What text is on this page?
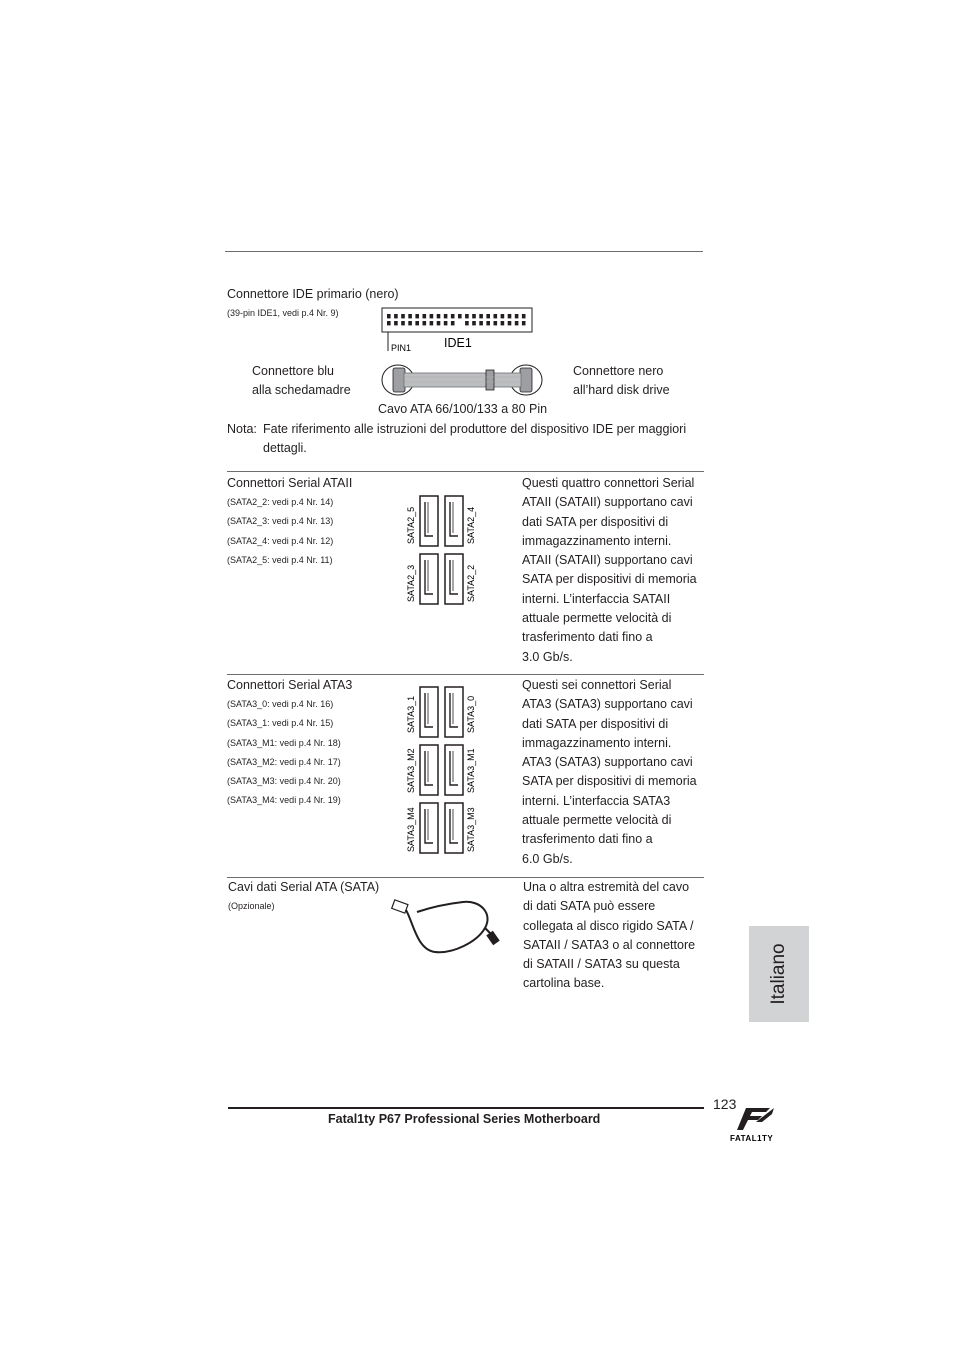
Connettore IDE primario (nero)
(39-pin IDE1, vedi p.4 Nr. 9)
PIN1	IDE1
Connettore blu
alla schedamadre
Connettore nero
all’hard disk drive
Cavo ATA 66/100/133 a 80 Pin
Nota: Fate riferimento alle istruzioni del produttore del dispositivo IDE per maggiori
dettagli.
Connettori Serial ATAII
(SATA2_2: vedi p.4 Nr. 14)
(SATA2_3: vedi p.4 Nr. 13)
(SATA2_4: vedi p.4 Nr. 12)
(SATA2_5: vedi p.4 Nr. 11)
SATA2_5	SATA2_4
SATA2_3	SATA2_2
Questi quattro connettori Serial
ATAII (SATAII) supportano cavi
dati SATA per dispositivi di
immagazzinamento interni.
ATAII (SATAII) supportano cavi
SATA per dispositivi di memoria
interni. L’interfaccia SATAII
attuale permette velocità di
trasferimento dati fino a
3.0 Gb/s.
Connettori Serial ATA3
(SATA3_0: vedi p.4 Nr. 16)
(SATA3_1: vedi p.4 Nr. 15)
(SATA3_M1: vedi p.4 Nr. 18)
(SATA3_M2: vedi p.4 Nr. 17)
(SATA3_M3: vedi p.4 Nr. 20)
(SATA3_M4: vedi p.4 Nr. 19)
SATA3_1	SATA3_0
SATA3_M2	SATA3_M1
SATA3_M4	SATA3_M3
Questi sei connettori Serial
ATA3 (SATA3) supportano cavi
dati SATA per dispositivi di
immagazzinamento interni.
ATA3 (SATA3) supportano cavi
SATA per dispositivi di memoria
interni. L’interfaccia SATA3
attuale permette velocità di
trasferimento dati fino a
6.0 Gb/s.
Cavi dati Serial ATA (SATA)
(Opzionale)
Una o altra estremità del cavo
di dati SATA può essere
collegata al disco rigido SATA /
SATAII / SATA3 o al connettore
di SATAII / SATA3 su questa
cartolina base.	Italiano
Fatal1ty P67 Professional Series Motherboard
123
FATAL1TY
